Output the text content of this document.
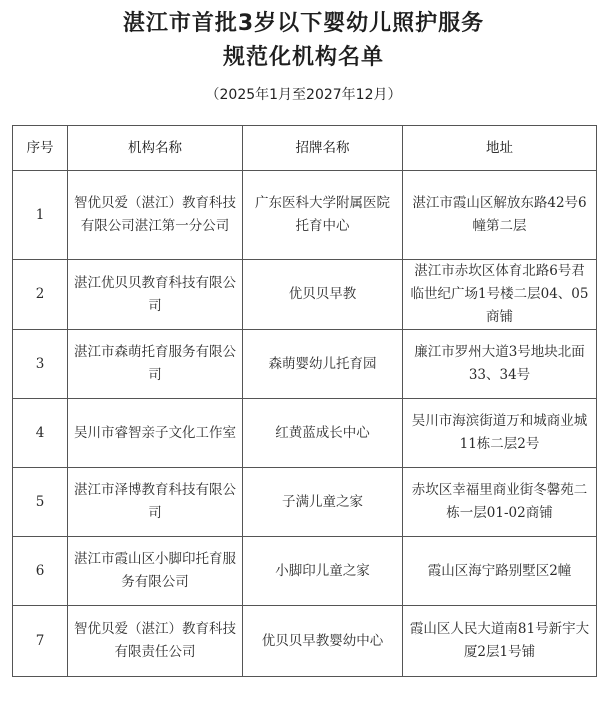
湛江市首批3岁以下婴幼儿照护服务
规范化机构名单
（2025年1月至2027年12月）
序号	机构名称	招牌名称	地址
1	智优贝爱（湛江）教育科技有限公司湛江第一分公司	广东医科大学附属医院托育中心	湛江市霞山区解放东路42号6幢第二层
2	湛江优贝贝教育科技有限公司	优贝贝早教	湛江市赤坎区体育北路6号君临世纪广场1号楼二层04、05商铺
3	湛江市森萌托育服务有限公司	森萌婴幼儿托育园	廉江市罗州大道3号地块北面33、34号
4	吴川市睿智亲子文化工作室	红黄蓝成长中心	吴川市海滨街道万和城商业城11栋二层2号
5	湛江市泽博教育科技有限公司	子满儿童之家	赤坎区幸福里商业街冬馨苑二栋一层01-02商铺
6	湛江市霞山区小脚印托育服务有限公司	小脚印儿童之家	霞山区海宁路别墅区2幢
7	智优贝爱（湛江）教育科技有限责任公司	优贝贝早教婴幼中心	霞山区人民大道南81号新宇大厦2层1号铺
